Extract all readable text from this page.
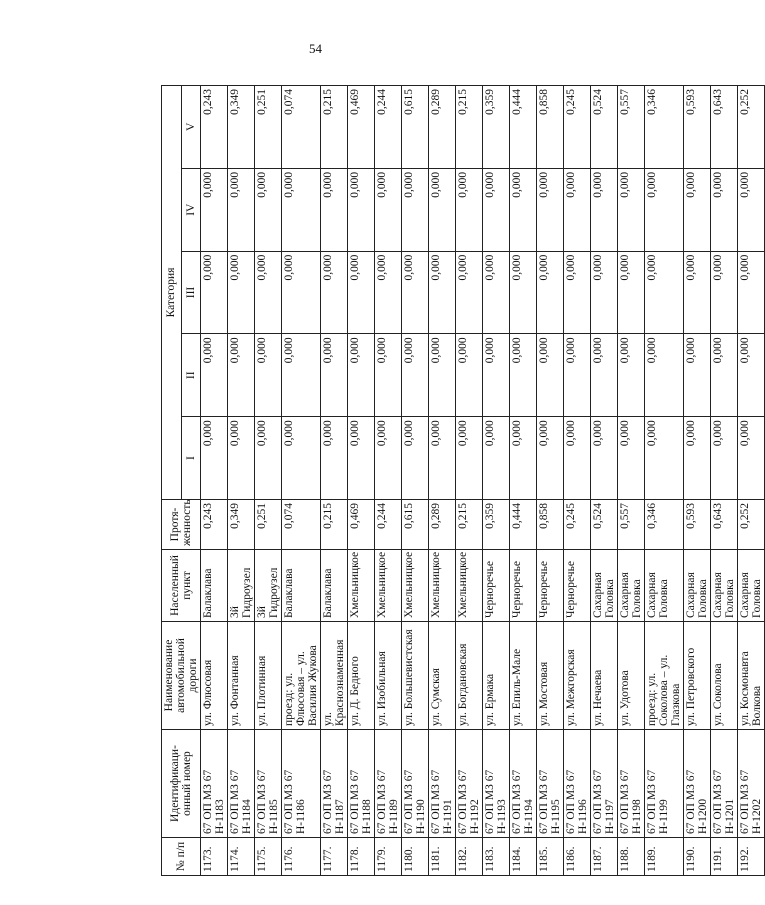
54
№ п/п	Идентификаци- онный номер	Наименование автомобильной дороги	Населенный пункт	Протя- женность	Категория				
					I	II	III	IV	V
1173.	67 ОП МЗ 67 Н-1183	ул. Флюсовая	Балаклава	0,243	0,000	0,000	0,000	0,000	0,243
1174.	67 ОП МЗ 67 Н-1184	ул. Фонтанная	3й Гидроузел	0,349	0,000	0,000	0,000	0,000	0,349
1175.	67 ОП МЗ 67 Н-1185	ул. Плотинная	3й Гидроузел	0,251	0,000	0,000	0,000	0,000	0,251
1176.	67 ОП МЗ 67 Н-1186	проезд: ул. Флюсовая – ул. Василия Жукова	Балаклава	0,074	0,000	0,000	0,000	0,000	0,074
1177.	67 ОП МЗ 67 Н-1187	ул. Краснознаменная	Балаклава	0,215	0,000	0,000	0,000	0,000	0,215
1178.	67 ОП МЗ 67 Н-1188	ул. Д. Бедного	Хмельницкое	0,469	0,000	0,000	0,000	0,000	0,469
1179.	67 ОП МЗ 67 Н-1189	ул. Изобильная	Хмельницкое	0,244	0,000	0,000	0,000	0,000	0,244
1180.	67 ОП МЗ 67 Н-1190	ул. Большевистская	Хмельницкое	0,615	0,000	0,000	0,000	0,000	0,615
1181.	67 ОП МЗ 67 Н-1191	ул. Сумская	Хмельницкое	0,289	0,000	0,000	0,000	0,000	0,289
1182.	67 ОП МЗ 67 Н-1192	ул. Богдановская	Хмельницкое	0,215	0,000	0,000	0,000	0,000	0,215
1183.	67 ОП МЗ 67 Н-1193	ул. Ермака	Черноречье	0,359	0,000	0,000	0,000	0,000	0,359
1184.	67 ОП МЗ 67 Н-1194	ул. Епиль-Мале	Черноречье	0,444	0,000	0,000	0,000	0,000	0,444
1185.	67 ОП МЗ 67 Н-1195	ул. Мостовая	Черноречье	0,858	0,000	0,000	0,000	0,000	0,858
1186.	67 ОП МЗ 67 Н-1196	ул. Межгорская	Черноречье	0,245	0,000	0,000	0,000	0,000	0,245
1187.	67 ОП МЗ 67 Н-1197	ул. Нечаева	Сахарная Головка	0,524	0,000	0,000	0,000	0,000	0,524
1188.	67 ОП МЗ 67 Н-1198	ул. Удотова	Сахарная Головка	0,557	0,000	0,000	0,000	0,000	0,557
1189.	67 ОП МЗ 67 Н-1199	проезд: ул. Соколова – ул. Глазкова	Сахарная Головка	0,346	0,000	0,000	0,000	0,000	0,346
1190.	67 ОП МЗ 67 Н-1200	ул. Петровского	Сахарная Головка	0,593	0,000	0,000	0,000	0,000	0,593
1191.	67 ОП МЗ 67 Н-1201	ул. Соколова	Сахарная Головка	0,643	0,000	0,000	0,000	0,000	0,643
1192.	67 ОП МЗ 67 Н-1202	ул. Космонавта Волкова	Сахарная Головка	0,252	0,000	0,000	0,000	0,000	0,252
